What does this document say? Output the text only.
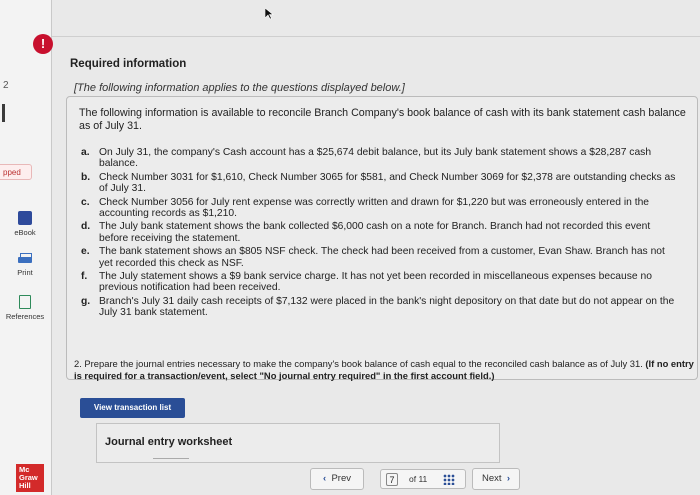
2
pped
eBook
Print
References
Mc
Graw
Hill
!
Required information
[The following information applies to the questions displayed below.]
The following information is available to reconcile Branch Company's book balance of cash with its bank statement cash balance as of July 31.
a. On July 31, the company's Cash account has a $25,674 debit balance, but its July bank statement shows a $28,287 cash balance.
b. Check Number 3031 for $1,610, Check Number 3065 for $581, and Check Number 3069 for $2,378 are outstanding checks as of July 31.
c. Check Number 3056 for July rent expense was correctly written and drawn for $1,220 but was erroneously entered in the accounting records as $1,210.
d. The July bank statement shows the bank collected $6,000 cash on a note for Branch. Branch had not recorded this event before receiving the statement.
e. The bank statement shows an $805 NSF check. The check had been received from a customer, Evan Shaw. Branch has not yet recorded this check as NSF.
f. The July statement shows a $9 bank service charge. It has not yet been recorded in miscellaneous expenses because no previous notification had been received.
g. Branch's July 31 daily cash receipts of $7,132 were placed in the bank's night depository on that date but do not appear on the July 31 bank statement.
2. Prepare the journal entries necessary to make the company's book balance of cash equal to the reconciled cash balance as of July 31. (If no entry is required for a transaction/event, select "No journal entry required" in the first account field.)
View transaction list
Journal entry worksheet
‹ Prev	7	of 11	Next ›
